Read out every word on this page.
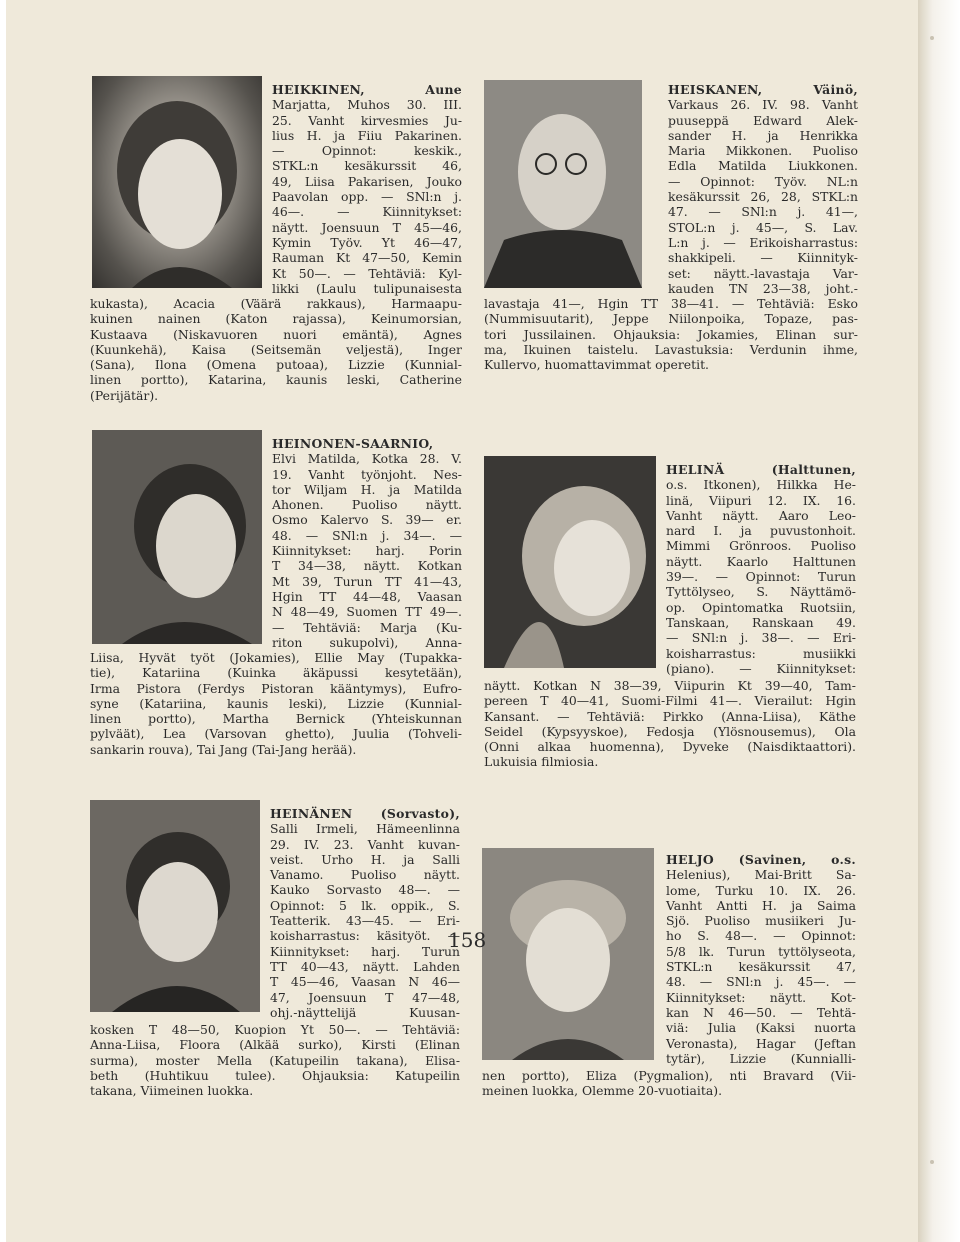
HEIKKINEN, Aune
Marjatta, Muhos 30. III.
25. Vanht kirvesmies Ju-
lius H. ja Fiiu Pakarinen.
— Opinnot: keskik.,
STKL:n kesäkurssit 46,
49, Liisa Pakarisen, Jouko
Paavolan opp. — SNl:n j.
46—. — Kiinnitykset:
näytt. Joensuun T 45—46,
Kymin Työv. Yt 46—47,
Rauman Kt 47—50, Kemin
Kt 50—. — Tehtäviä: Kyl-
likki (Laulu tulipunaisesta
kukasta), Acacia (Väärä rakkaus), Harmaapu-
kuinen nainen (Katon rajassa), Keinumorsian,
Kustaava (Niskavuoren nuori emäntä), Agnes
(Kuunkehä), Kaisa (Seitsemän veljestä), Inger
(Sana), Ilona (Omena putoaa), Lizzie (Kunnial-
linen portto), Katarina, kaunis leski, Catherine
(Perijätär).
HEISKANEN, Väinö,
Varkaus 26. IV. 98. Vanht
puuseppä Edward Alek-
sander H. ja Henrikka
Maria Mikkonen. Puoliso
Edla Matilda Liukkonen.
— Opinnot: Työv. NL:n
kesäkurssit 26, 28, STKL:n
47. — SNl:n j. 41—,
STOL:n j. 45—, S. Lav.
L:n j. — Erikoisharrastus:
shakkipeli. — Kiinnityk-
set: näytt.-lavastaja Var-
kauden TN 23—38, joht.-
lavastaja 41—, Hgin TT 38—41. — Tehtäviä: Esko
(Nummisuutarit), Jeppe Niilonpoika, Topaze, pas-
tori Jussilainen. Ohjauksia: Jokamies, Elinan sur-
ma, Ikuinen taistelu. Lavastuksia: Verdunin ihme,
Kullervo, huomattavimmat operetit.
HEINONEN-SAARNIO,
Elvi Matilda, Kotka 28. V.
19. Vanht työnjoht. Nes-
tor Wiljam H. ja Matilda
Ahonen. Puoliso näytt.
Osmo Kalervo S. 39— er.
48. — SNl:n j. 34—. —
Kiinnitykset: harj. Porin
T 34—38, näytt. Kotkan
Mt 39, Turun TT 41—43,
Hgin TT 44—48, Vaasan
N 48—49, Suomen TT 49—.
— Tehtäviä: Marja (Ku-
riton sukupolvi), Anna-
Liisa, Hyvät työt (Jokamies), Ellie May (Tupakka-
tie), Katariina (Kuinka äkäpussi kesytetään),
Irma Pistora (Ferdys Pistoran kääntymys), Eufro-
syne (Katariina, kaunis leski), Lizzie (Kunnial-
linen portto), Martha Bernick (Yhteiskunnan
pylväät), Lea (Varsovan ghetto), Juulia (Tohveli-
sankarin rouva), Tai Jang (Tai-Jang herää).
HELINÄ (Halttunen,
o.s. Itkonen), Hilkka He-
linä, Viipuri 12. IX. 16.
Vanht näytt. Aaro Leo-
nard I. ja puvustonhoit.
Mimmi Grönroos. Puoliso
näytt. Kaarlo Halttunen
39—. — Opinnot: Turun
Tyttölyseo, S. Näyttämö-
op. Opintomatka Ruotsiin,
Tanskaan, Ranskaan 49.
— SNl:n j. 38—. — Eri-
koisharrastus: musiikki
(piano). — Kiinnitykset:
näytt. Kotkan N 38—39, Viipurin Kt 39—40, Tam-
pereen T 40—41, Suomi-Filmi 41—. Vierailut: Hgin
Kansant. — Tehtäviä: Pirkko (Anna-Liisa), Käthe
Seidel (Kypsyyskoe), Fedosja (Ylösnousemus), Ola
(Onni alkaa huomenna), Dyveke (Naisdiktaattori).
Lukuisia filmiosia.
HEINÄNEN (Sorvasto),
Salli Irmeli, Hämeenlinna
29. IV. 23. Vanht kuvan-
veist. Urho H. ja Salli
Vanamo. Puoliso näytt.
Kauko Sorvasto 48—. —
Opinnot: 5 lk. oppik., S.
Teatterik. 43—45. — Eri-
koisharrastus: käsityöt. —
Kiinnitykset: harj. Turun
TT 40—43, näytt. Lahden
T 45—46, Vaasan N 46—
47, Joensuun T 47—48,
ohj.-näyttelijä Kuusan-
kosken T 48—50, Kuopion Yt 50—. — Tehtäviä:
Anna-Liisa, Floora (Alkää surko), Kirsti (Elinan
surma), moster Mella (Katupeilin takana), Elisa-
beth (Huhtikuu tulee). Ohjauksia: Katupeilin
takana, Viimeinen luokka.
HELJO (Savinen, o.s.
Helenius), Mai-Britt Sa-
lome, Turku 10. IX. 26.
Vanht Antti H. ja Saima
Sjö. Puoliso musiikeri Ju-
ho S. 48—. — Opinnot:
5/8 lk. Turun tyttölyseota,
STKL:n kesäkurssit 47,
48. — SNl:n j. 45—. —
Kiinnitykset: näytt. Kot-
kan N 46—50. — Tehtä-
viä: Julia (Kaksi nuorta
Veronasta), Hagar (Jeftan
tytär), Lizzie (Kunnialli-
nen portto), Eliza (Pygmalion), nti Bravard (Vii-
meinen luokka, Olemme 20-vuotiaita).
158
